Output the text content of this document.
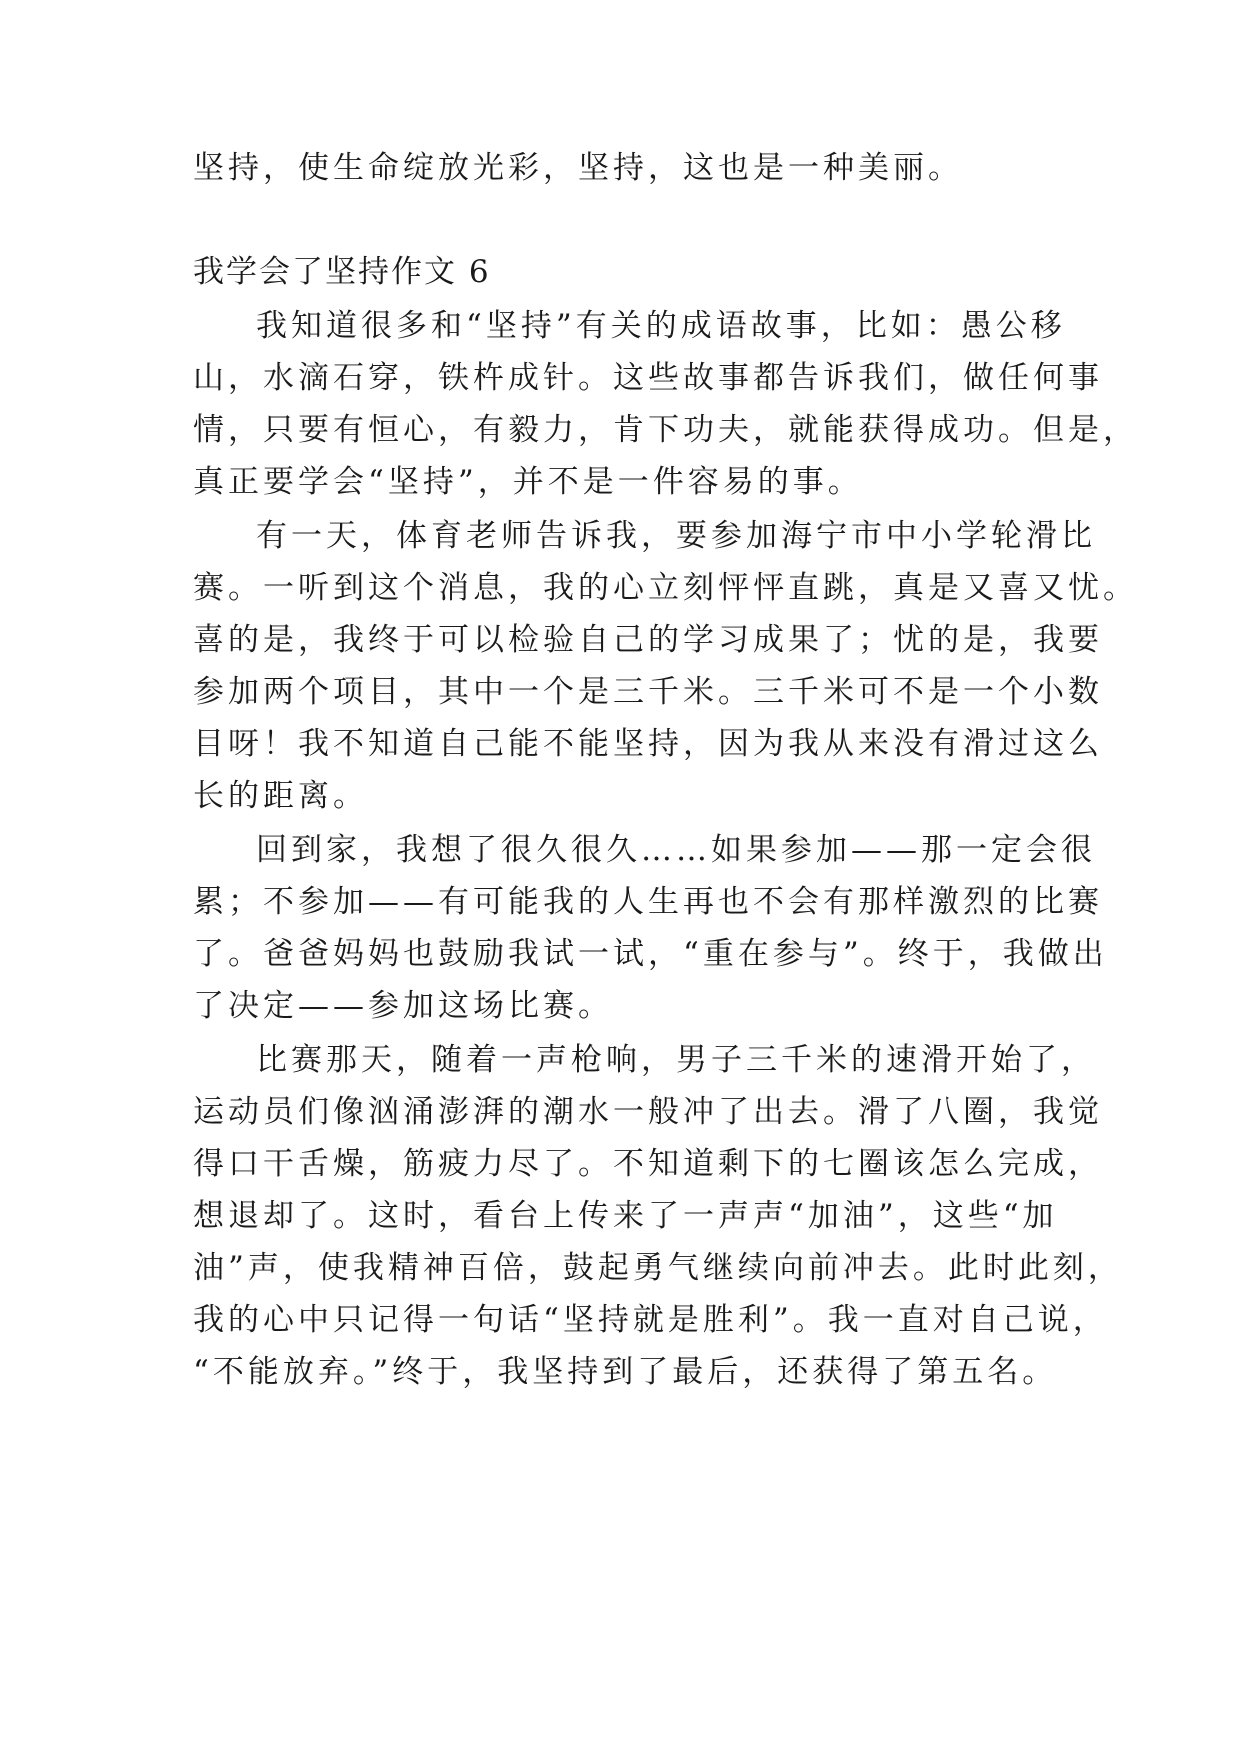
坚持，使生命绽放光彩，坚持，这也是一种美丽。
我学会了坚持作文 6
我知道很多和“坚持”有关的成语故事，比如：愚公移
山，水滴石穿，铁杵成针。这些故事都告诉我们，做任何事
情，只要有恒心，有毅力，肯下功夫，就能获得成功。但是，
真正要学会“坚持”，并不是一件容易的事。
有一天，体育老师告诉我，要参加海宁市中小学轮滑比
赛。一听到这个消息，我的心立刻怦怦直跳，真是又喜又忧。
喜的是，我终于可以检验自己的学习成果了；忧的是，我要
参加两个项目，其中一个是三千米。三千米可不是一个小数
目呀！我不知道自己能不能坚持，因为我从来没有滑过这么
长的距离。
回到家，我想了很久很久……如果参加——那一定会很
累；不参加——有可能我的人生再也不会有那样激烈的比赛
了。爸爸妈妈也鼓励我试一试，“重在参与”。终于，我做出
了决定——参加这场比赛。
比赛那天，随着一声枪响，男子三千米的速滑开始了，
运动员们像汹涌澎湃的潮水一般冲了出去。滑了八圈，我觉
得口干舌燥，筋疲力尽了。不知道剩下的七圈该怎么完成，
想退却了。这时，看台上传来了一声声“加油”，这些“加
油”声，使我精神百倍，鼓起勇气继续向前冲去。此时此刻，
我的心中只记得一句话“坚持就是胜利”。我一直对自己说，
“不能放弃。”终于，我坚持到了最后，还获得了第五名。
